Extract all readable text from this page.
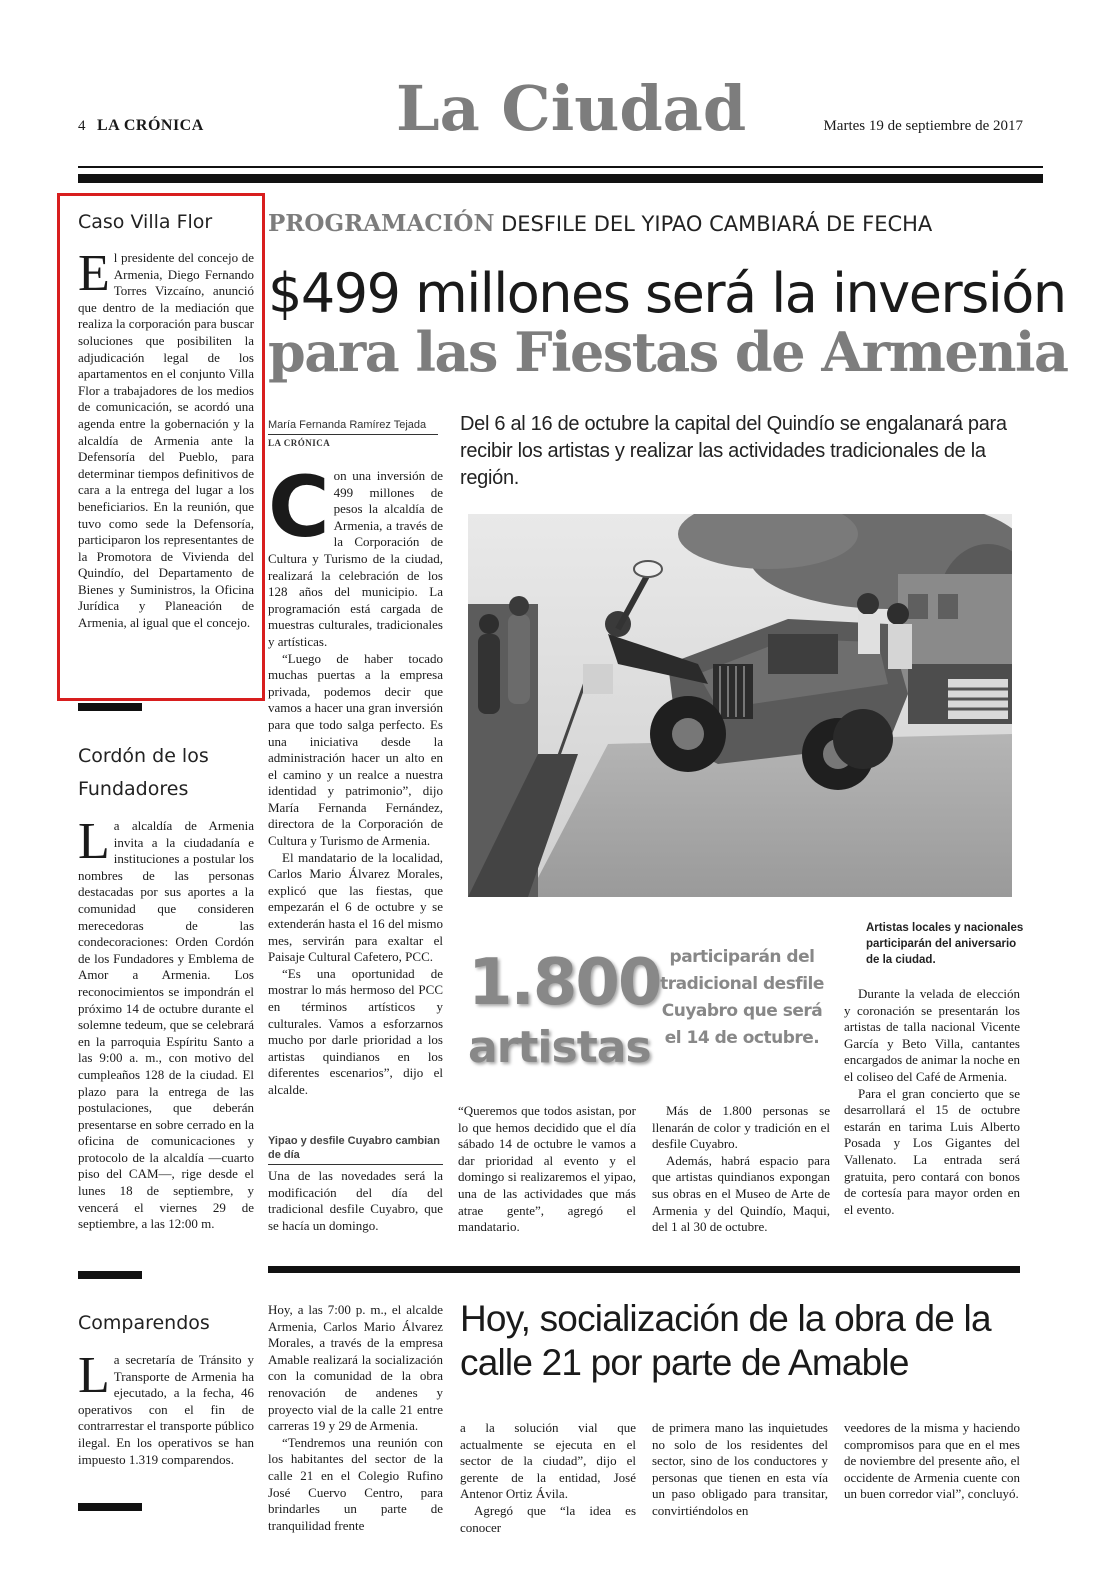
4 LA CRÓNICA	La Ciudad	Martes 19 de septiembre de 2017
Caso Villa Flor
El presidente del concejo de Armenia, Diego Fernando Torres Vizcaíno, anunció que dentro de la mediación que realiza la corporación para buscar soluciones que posibiliten la adjudicación legal de los apartamentos en el conjunto Villa Flor a trabajadores de los medios de comunicación, se acordó una agenda entre la gobernación y la alcaldía de Armenia ante la Defensoría del Pueblo, para determinar tiempos definitivos de cara a la entrega del lugar a los beneficiarios. En la reunión, que tuvo como sede la Defensoría, participaron los representantes de la Promotora de Vivienda del Quindío, del Departamento de Bienes y Suministros, la Oficina Jurídica y Planeación de Armenia, al igual que el concejo.
Cordón de los Fundadores
La alcaldía de Armenia invita a la ciudadanía e instituciones a postular los nombres de las personas destacadas por sus aportes a la comunidad que consideren merecedoras de las condecoraciones: Orden Cordón de los Fundadores y Emblema de Amor a Armenia. Los reconocimientos se impondrán el próximo 14 de octubre durante el solemne tedeum, que se celebrará en la parroquia Espíritu Santo a las 9:00 a. m., con motivo del cumpleaños 128 de la ciudad. El plazo para la entrega de las postulaciones, que deberán presentarse en sobre cerrado en la oficina de comunicaciones y protocolo de la alcaldía —cuarto piso del CAM—, rige desde el lunes 18 de septiembre, y vencerá el viernes 29 de septiembre, a las 12:00 m.
Comparendos
La secretaría de Tránsito y Transporte de Armenia ha ejecutado, a la fecha, 46 operativos con el fin de contrarrestar el transporte público ilegal. En los operativos se han impuesto 1.319 comparendos.
PROGRAMACIÓN DESFILE DEL YIPAO CAMBIARÁ DE FECHA
$499 millones será la inversión
para las Fiestas de Armenia
María Fernanda Ramírez Tejada
LA CRÓNICA
Del 6 al 16 de octubre la capital del Quindío se engalanará para recibir los artistas y realizar las actividades tradicionales de la región.

Con una inversión de 499 millones de pesos la alcaldía de Armenia, a través de la Corporación de Cultura y Turismo de la ciudad, realizará la celebración de los 128 años del municipio. La programación está cargada de muestras culturales, tradicionales y artísticas.

“Luego de haber tocado muchas puertas a la empresa privada, podemos decir que vamos a hacer una gran inversión para que todo salga perfecto. Es una iniciativa desde la administración hacer un alto en el camino y un realce a nuestra identidad y patrimonio”, dijo María Fernanda Fernández, directora de la Corporación de Cultura y Turismo de Armenia.

El mandatario de la localidad, Carlos Mario Álvarez Morales, explicó que las fiestas, que empezarán el 6 de octubre y se extenderán hasta el 16 del mismo mes, servirán para exaltar el Paisaje Cultural Cafetero, PCC.

“Es una oportunidad de mostrar lo más hermoso del PCC en términos artísticos y culturales. Vamos a esforzarnos mucho por darle prioridad a los artistas quindianos en los diferentes escenarios”, dijo el alcalde.

Yipao y desfile Cuyabro cambian de día

Una de las novedades será la modificación del día del tradicional desfile Cuyabro, que se hacía un domingo.

Artistas locales y nacionales participarán del aniversario de la ciudad.
1.800
artistas
participarán del tradicional desfile Cuyabro que será el 14 de octubre.

“Queremos que todos asistan, por lo que hemos decidido que el día sábado 14 de octubre le vamos a dar prioridad al evento y el domingo si realizaremos el yipao, una de las actividades que más atrae gente”, agregó el mandatario.

Más de 1.800 personas se llenarán de color y tradición en el desfile Cuyabro.

Además, habrá espacio para que artistas quindianos expongan sus obras en el Museo de Arte de Armenia y del Quindío, Maqui, del 1 al 30 de octubre.

Durante la velada de elección y coronación se presentarán los artistas de talla nacional Vicente García y Beto Villa, cantantes encargados de animar la noche en el coliseo del Café de Armenia.

Para el gran concierto que se desarrollará el 15 de octubre estarán en tarima Luis Alberto Posada y Los Gigantes del Vallenato. La entrada será gratuita, pero contará con bonos de cortesía para mayor orden en el evento.

Hoy, a las 7:00 p. m., el alcalde Armenia, Carlos Mario Álvarez Morales, a través de la empresa Amable realizará la socialización con la comunidad de la obra renovación de andenes y proyecto vial de la calle 21 entre carreras 19 y 29 de Armenia.

“Tendremos una reunión con los habitantes del sector de la calle 21 en el Colegio Rufino José Cuervo Centro, para brindarles un parte de tranquilidad frente

Hoy, socialización de la obra de la calle 21 por parte de Amable

a la solución vial que actualmente se ejecuta en el sector de la ciudad”, dijo el gerente de la entidad, José Antenor Ortiz Ávila.

Agregó que “la idea es conocer

de primera mano las inquietudes no solo de los residentes del sector, sino de los conductores y personas que tienen en esta vía un paso obligado para transitar, convirtiéndolos en

veedores de la misma y haciendo compromisos para que en el mes de noviembre del presente año, el occidente de Armenia cuente con un buen corredor vial”, concluyó.
